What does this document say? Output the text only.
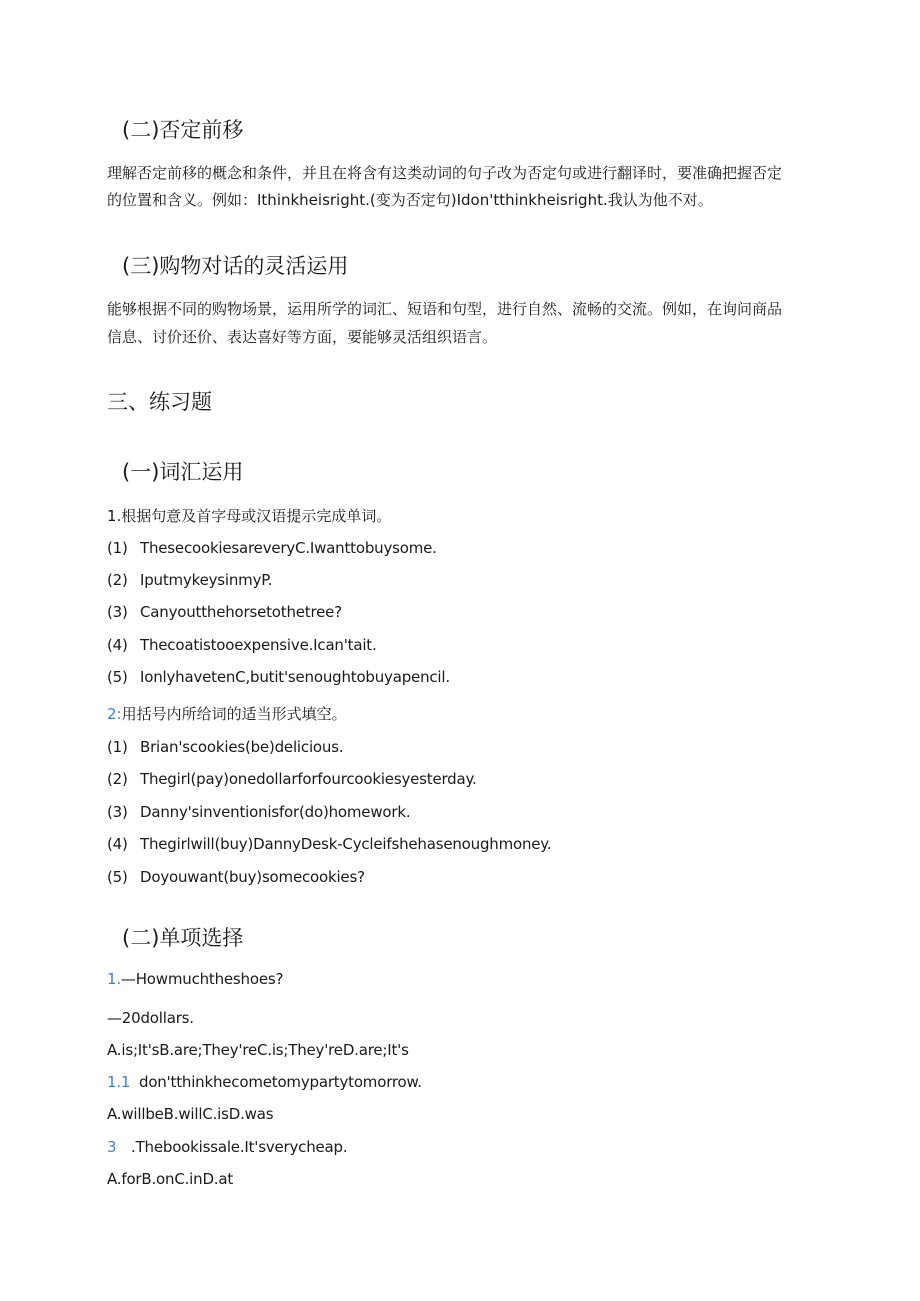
(二)否定前移
理解否定前移的概念和条件，并且在将含有这类动词的句子改为否定句或进行翻译时，要准确把握否定
的位置和含义。例如：Ithinkheisright.(变为否定句)Idon'tthinkheisright.我认为他不对。
(三)购物对话的灵活运用
能够根据不同的购物场景，运用所学的词汇、短语和句型，进行自然、流畅的交流。例如，在询问商品
信息、讨价还价、表达喜好等方面，要能够灵活组织语言。
三、练习题
(一)词汇运用
1.根据句意及首字母或汉语提示完成单词。
(1) ThesecookiesareveryC.Iwanttobuysome.
(2) IputmykeysinmyP.
(3) Canyoutthehorsetothetree?
(4) Thecoatistooexpensive.Ican'tait.
(5) IonlyhavetenC,butit'senoughtobuyapencil.
2:用括号内所给词的适当形式填空。
(1) Brian'scookies(be)delicious.
(2) Thegirl(pay)onedollarforfourcookiesyesterday.
(3) Danny'sinventionisfor(do)homework.
(4) Thegirlwill(buy)DannyDesk-Cycleifshehasenoughmoney.
(5) Doyouwant(buy)somecookies?
(二)单项选择
1.—Howmuchtheshoes?
—20dollars.
A.is;It'sB.are;They'reC.is;They'reD.are;It's
1.1 don'tthinkhecometomypartytomorrow.
A.willbeB.willC.isD.was
3 .Thebookissale.It'sverycheap.
A.forB.onC.inD.at
